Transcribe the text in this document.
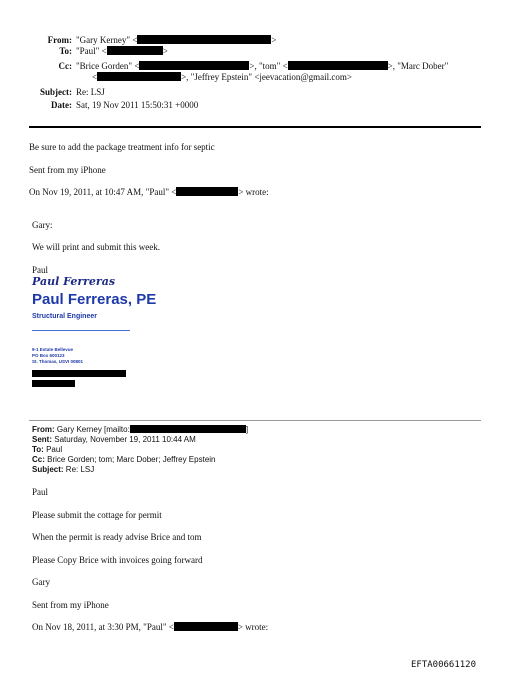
From: "Gary Kerney" <	>
To: "Paul" <	>
Cc: "Brice Gorden" <	>, "tom" <	>, "Marc Dober"
<	>, "Jeffrey Epstein" <jeevacation@gmail.com>
Subject: Re: LSJ
Date: Sat, 19 Nov 2011 15:50:31 +0000
Be sure to add the package treatment info for septic
Sent from my iPhone
On Nov 19, 2011, at 10:47 AM, "Paul" <	> wrote:
Gary:
We will print and submit this week.
Paul
Paul Ferreras
Paul Ferreras, PE
Structural Engineer
9-1 Estate Bellevue
PO Box 600123
St. Thomas, USVI 00801
From: Gary Kerney [mailto:	]
Sent: Saturday, November 19, 2011 10:44 AM
To: Paul
Cc: Brice Gorden; tom; Marc Dober; Jeffrey Epstein
Subject: Re: LSJ
Paul
Please submit the cottage for permit
When the permit is ready advise Brice and tom
Please Copy Brice with invoices going forward
Gary
Sent from my iPhone
On Nov 18, 2011, at 3:30 PM, "Paul" <	> wrote:
EFTA00661120
